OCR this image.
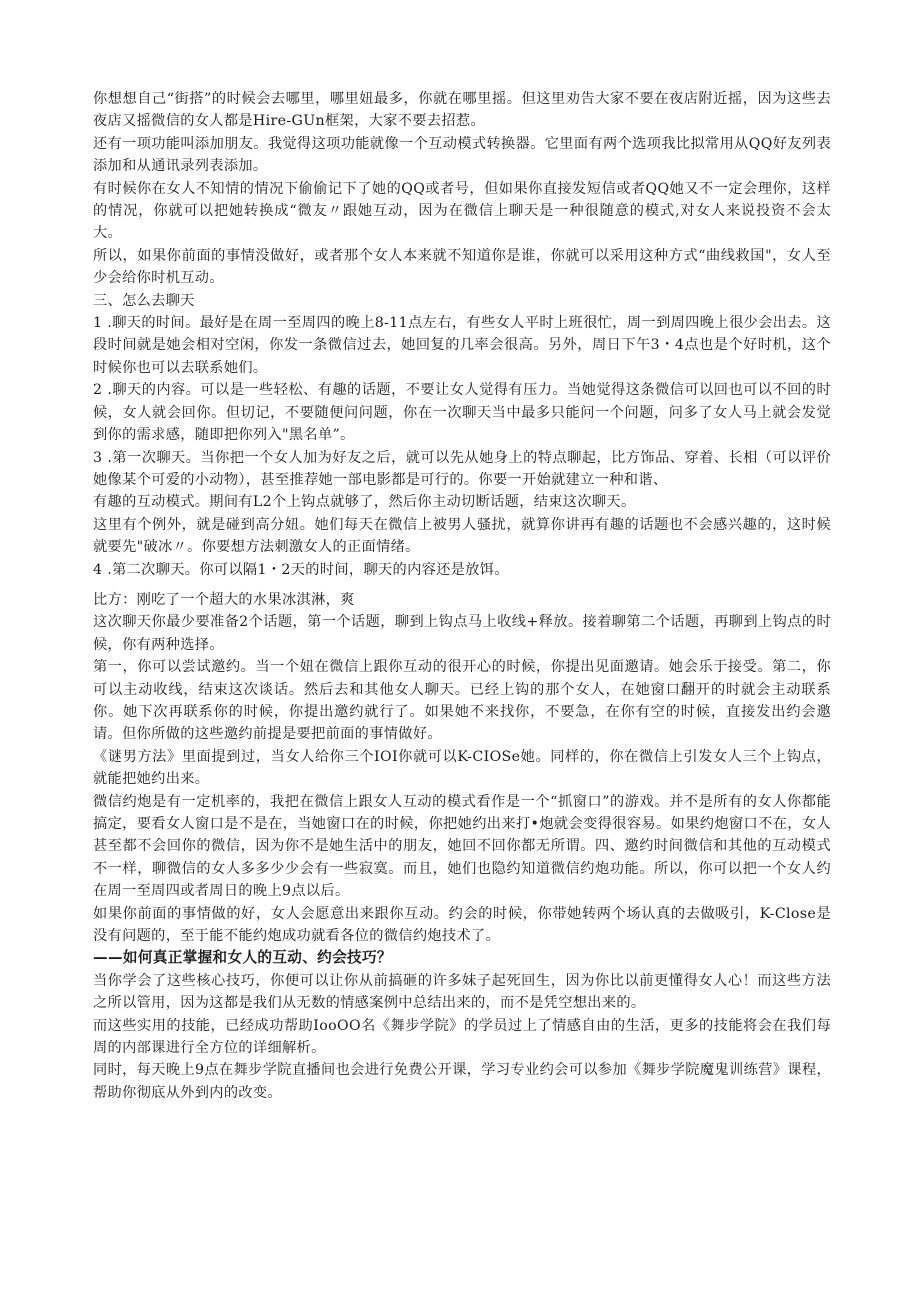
你想想自己“街搭”的时候会去哪里，哪里妞最多，你就在哪里摇。但这里劝告大家不要在夜店附近摇，因为这些去夜店又摇微信的女人都是Hire-GUn框架，大家不要去招惹。

还有一项功能叫添加朋友。我觉得这项功能就像一个互动模式转换器。它里面有两个选项我比拟常用从QQ好友列表添加和从通讯录列表添加。

有时候你在女人不知情的情况下偷偷记下了她的QQ或者号，但如果你直接发短信或者QQ她又不一定会理你，这样的情况，你就可以把她转换成“微友〃跟她互动，因为在微信上聊天是一种很随意的模式,对女人来说投资不会太大。

所以，如果你前面的事情没做好，或者那个女人本来就不知道你是谁，你就可以采用这种方式“曲线救国"，女人至少会给你时机互动。

三、怎么去聊天

1 .聊天的时间。最好是在周一至周四的晚上8-11点左右，有些女人平时上班很忙，周一到周四晚上很少会出去。这段时间就是她会相对空闲，你发一条微信过去，她回复的几率会很高。另外，周日下午3・4点也是个好时机，这个时候你也可以去联系她们。

2 .聊天的内容。可以是一些轻松、有趣的话题，不要让女人觉得有压力。当她觉得这条微信可以回也可以不回的时候，女人就会回你。但切记，不要随便问问题，你在一次聊天当中最多只能问一个问题，问多了女人马上就会发觉到你的需求感，随即把你列入"黑名单”。

3 .第一次聊天。当你把一个女人加为好友之后，就可以先从她身上的特点聊起，比方饰品、穿着、长相（可以评价她像某个可爱的小动物），甚至推荐她一部电影都是可行的。你要一开始就建立一种和谐、

有趣的互动模式。期间有L2个上钩点就够了，然后你主动切断话题，结束这次聊天。

这里有个例外，就是碰到高分妞。她们每天在微信上被男人骚扰，就算你讲再有趣的话题也不会感兴趣的，这时候就要先"破冰〃。你要想方法刺激女人的正面情绪。

4 .第二次聊天。你可以隔1・2天的时间，聊天的内容还是放饵。

比方：刚吃了一个超大的水果冰淇淋，爽

这次聊天你最少要准备2个话题，第一个话题，聊到上钩点马上收线+释放。接着聊第二个话题，再聊到上钩点的时候，你有两种选择。

第一，你可以尝试邀约。当一个妞在微信上跟你互动的很开心的时候，你提出见面邀请。她会乐于接受。第二，你可以主动收线，结束这次谈话。然后去和其他女人聊天。已经上钩的那个女人，在她窗口翻开的时就会主动联系你。她下次再联系你的时候，你提出邀约就行了。如果她不来找你，不要急，在你有空的时候，直接发出约会邀请。但你所做的这些邀约前提是要把前面的事情做好。

《谜男方法》里面提到过，当女人给你三个IOI你就可以K-CIOSe她。同样的，你在微信上引发女人三个上钩点，就能把她约出来。

微信约炮是有一定机率的，我把在微信上跟女人互动的模式看作是一个“抓窗口”的游戏。并不是所有的女人你都能搞定，要看女人窗口是不是在，当她窗口在的时候，你把她约出来打•炮就会变得很容易。如果约炮窗口不在，女人甚至都不会回你的微信，因为你不是她生活中的朋友，她回不回你都无所谓。四、邀约时间微信和其他的互动模式不一样，聊微信的女人多多少少会有一些寂寞。而且，她们也隐约知道微信约炮功能。所以，你可以把一个女人约在周一至周四或者周日的晚上9点以后。

如果你前面的事情做的好，女人会愿意出来跟你互动。约会的时候，你带她转两个场认真的去做吸引，K-Close是没有问题的，至于能不能约炮成功就看各位的微信约炮技术了。

——如何真正掌握和女人的互动、约会技巧？

当你学会了这些核心技巧，你便可以让你从前搞砸的许多妹子起死回生，因为你比以前更懂得女人心！而这些方法之所以管用，因为这都是我们从无数的情感案例中总结出来的，而不是凭空想出来的。

而这些实用的技能，已经成功帮助IooOO名《舞步学院》的学员过上了情感自由的生活，更多的技能将会在我们每周的内部课进行全方位的详细解析。

同时，每天晚上9点在舞步学院直播间也会进行免费公开课，学习专业约会可以参加《舞步学院魔鬼训练营》课程，帮助你彻底从外到内的改变。
